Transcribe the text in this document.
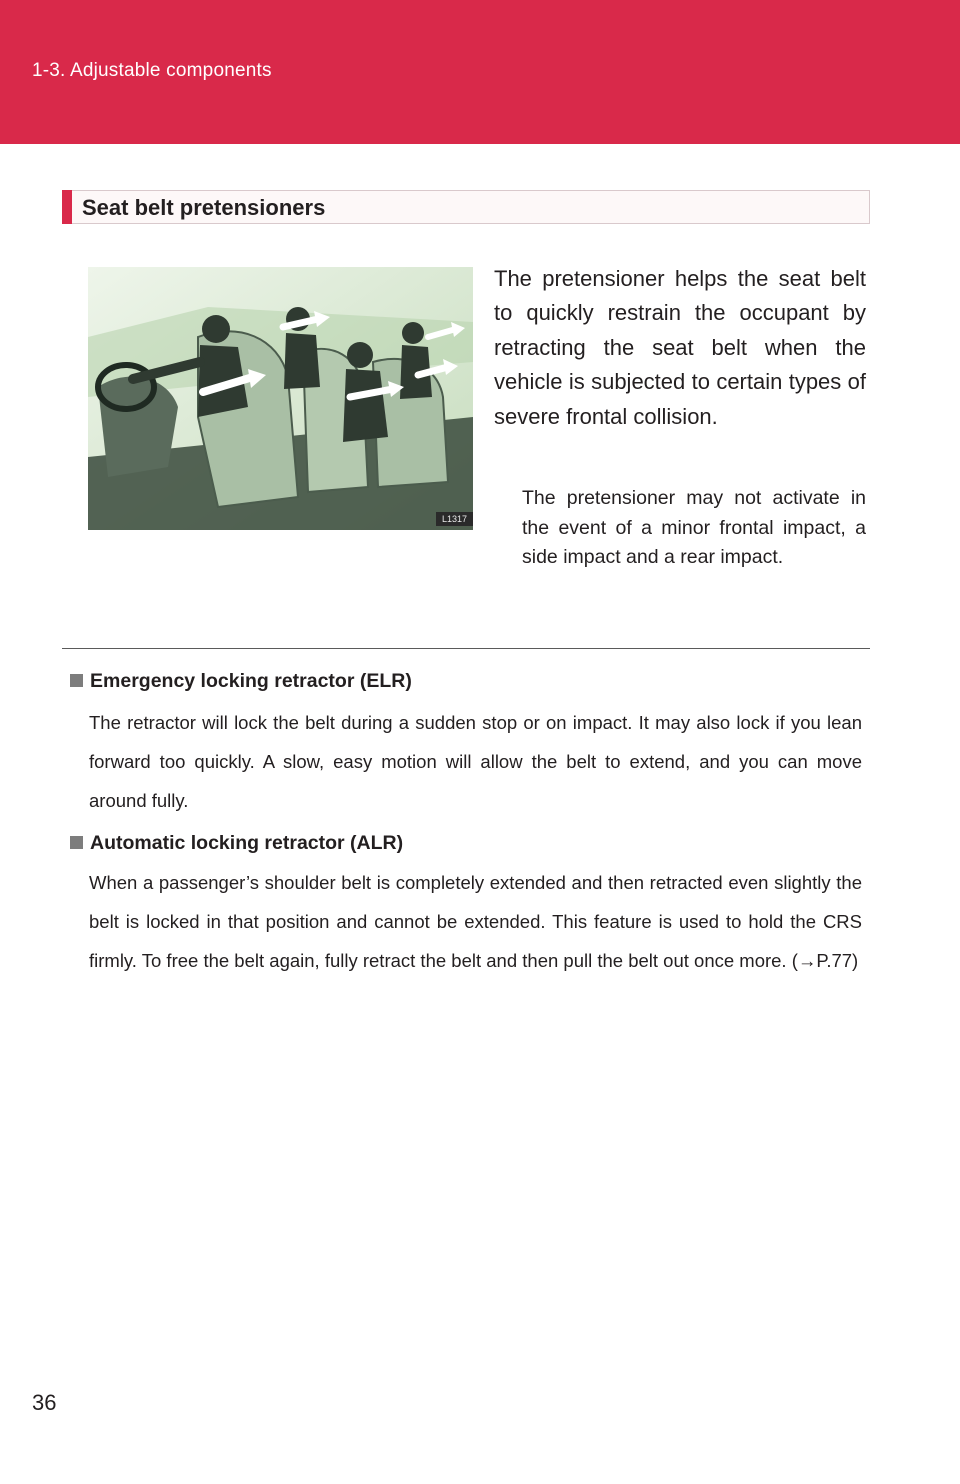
1-3. Adjustable components
Seat belt pretensioners
L1317
The pretensioner helps the seat belt to quickly restrain the occupant by retracting the seat belt when the vehicle is subjected to certain types of severe frontal collision.
The pretensioner may not activate in the event of a minor frontal impact, a side impact and a rear impact.
Emergency locking retractor (ELR)
The retractor will lock the belt during a sudden stop or on impact. It may also lock if you lean forward too quickly. A slow, easy motion will allow the belt to extend, and you can move around fully.
Automatic locking retractor (ALR)
When a passenger’s shoulder belt is completely extended and then retracted even slightly the belt is locked in that position and cannot be extended. This feature is used to hold the CRS firmly. To free the belt again, fully retract the belt and then pull the belt out once more. (→P.77)
36
